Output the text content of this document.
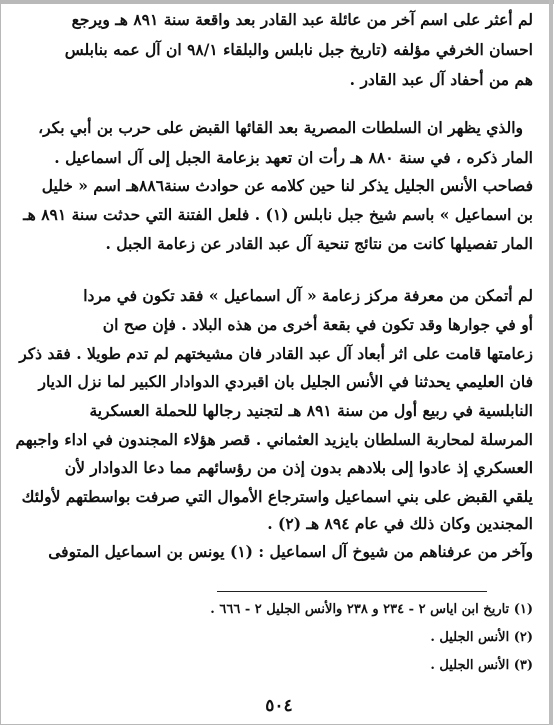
لم أعثر على اسم آخر من عائلة عبد القادر بعد واقعة سنة ٨٩١ هـ ويرجع
احسان الخرفي مؤلفه (تاريخ جبل نابلس والبلقاء ٩٨/١ ان آل عمه بنابلس
هم من أحفاد آل عبد القادر .
والذي يظهر ان السلطات المصرية بعد القائها القبض على حرب بن أبي بكر،
المار ذكره ، في سنة ٨٨٠ هـ رأت ان تعهد بزعامة الجبل إلى آل اسماعيل .
فصاحب الأنس الجليل يذكر لنا حين كلامه عن حوادث سنة٨٨٦هـ اسم « خليل
بن اسماعيل » باسم شيخ جبل نابلس (١) . فلعل الفتنة التي حدثت سنة ٨٩١ هـ
المار تفصيلها كانت من نتائج تنحية آل عبد القادر عن زعامة الجبل .
لم أتمكن من معرفة مركز زعامة « آل اسماعيل » فقد تكون في مردا
أو في جوارها وقد تكون في بقعة أخرى من هذه البلاد . فإن صح ان
زعامتها قامت على اثر أبعاد آل عبد القادر فان مشيختهم لم تدم طويلا . فقد ذكر
فان العليمي يحدثنا في الأنس الجليل بان اقبردي الدوادار الكبير لما نزل الديار
النابلسية في ربيع أول من سنة ٨٩١ هـ لتجنيد رجالها للحملة العسكرية
المرسلة لمحاربة السلطان بايزيد العثماني . قصر هؤلاء المجندون في اداء واجبهم
العسكري إذ عادوا إلى بلادهم بدون إذن من رؤسائهم مما دعا الدوادار لأن
يلقي القبض على بني اسماعيل واسترجاع الأموال التي صرفت بواسطتهم لأولئك
المجندين وكان ذلك في عام ٨٩٤ هـ (٢) .
وآخر من عرفناهم من شيوخ آل اسماعيل : (١) يونس بن اسماعيل المتوفى
(١) تاريخ ابن اياس ٢ - ٢٣٤ و ٢٣٨ والأنس الجليل ٢ - ٦٦٦ .
(٢) الأنس الجليل .
(٣) الأنس الجليل .
٥٠٤
